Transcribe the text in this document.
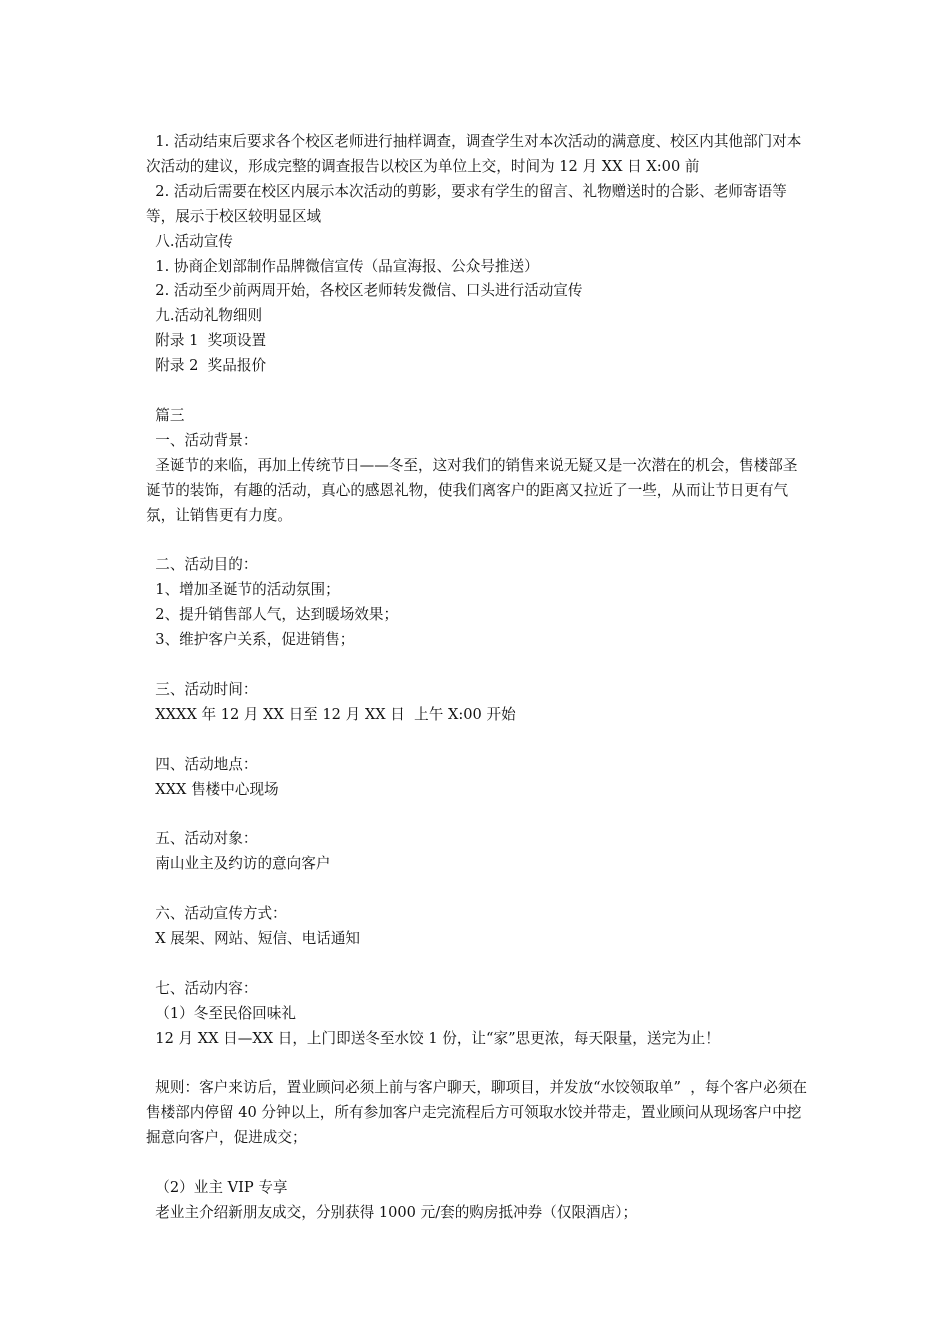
1. 活动结束后要求各个校区老师进行抽样调查，调查学生对本次活动的满意度、校区内其他部门对本次活动的建议，形成完整的调查报告以校区为单位上交，时间为 12 月 XX 日 X:00 前

2. 活动后需要在校区内展示本次活动的剪影，要求有学生的留言、礼物赠送时的合影、老师寄语等等，展示于校区较明显区域

八.活动宣传

1. 协商企划部制作品牌微信宣传（品宣海报、公众号推送）

2. 活动至少前两周开始，各校区老师转发微信、口头进行活动宣传

九.活动礼物细则

附录 1  奖项设置

附录 2  奖品报价

篇三

一、活动背景：

圣诞节的来临，再加上传统节日——冬至，这对我们的销售来说无疑又是一次潜在的机会，售楼部圣诞节的装饰，有趣的活动，真心的感恩礼物，使我们离客户的距离又拉近了一些，从而让节日更有气氛，让销售更有力度。

二、活动目的：

1、增加圣诞节的活动氛围；

2、提升销售部人气，达到暖场效果；

3、维护客户关系，促进销售；

三、活动时间：

XXXX 年 12 月 XX 日至 12 月 XX 日  上午 X:00 开始

四、活动地点：

XXX 售楼中心现场

五、活动对象：

南山业主及约访的意向客户

六、活动宣传方式：

X 展架、网站、短信、电话通知

七、活动内容：

（1）冬至民俗回味礼

12 月 XX 日—XX 日，上门即送冬至水饺 1 份，让“家”思更浓，每天限量，送完为止！

规则：客户来访后，置业顾问必须上前与客户聊天，聊项目，并发放“水饺领取单”  ，每个客户必须在售楼部内停留 40 分钟以上，所有参加客户走完流程后方可领取水饺并带走，置业顾问从现场客户中挖掘意向客户，促进成交；

（2）业主 VIP 专享

老业主介绍新朋友成交，分别获得 1000 元/套的购房抵冲券（仅限酒店）；
